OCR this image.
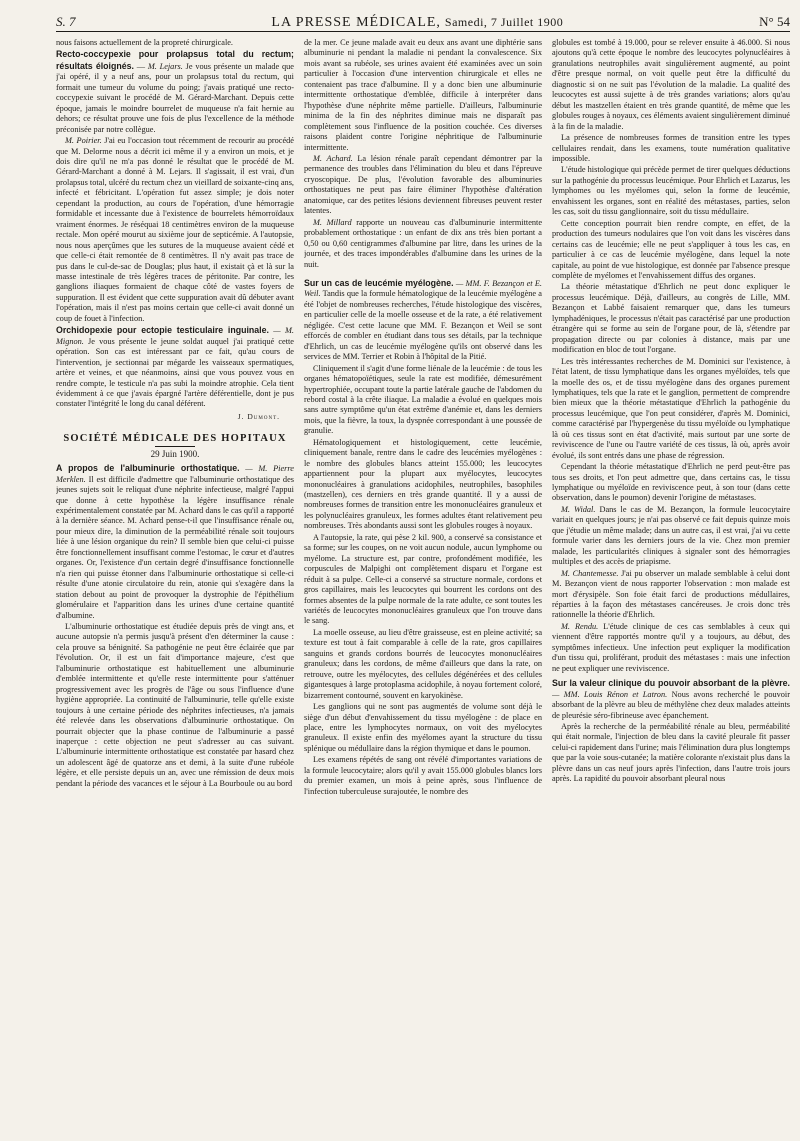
S. 7	LA PRESSE MÉDICALE, Samedi, 7 Juillet 1900	N° 54

nous faisons actuellement de la propreté chirurgicale.

Recto-coccypexie pour prolapsus total du rectum; résultats éloignés. — M. Lejars. Je vous présente un malade que j'ai opéré, il y a neuf ans, pour un prolapsus total du rectum, qui formait une tumeur du volume du poing; j'avais pratiqué une recto-coccypexie suivant le procédé de M. Gérard-Marchant. Depuis cette époque, jamais le moindre bourrelet de muqueuse n'a fait hernie au dehors; ce résultat prouve une fois de plus l'excellence de la méthode préconisée par notre collègue.

M. Poirier. J'ai eu l'occasion tout récemment de recourir au procédé que M. Delorme nous a décrit ici même il y a environ un mois, et je dois dire qu'il ne m'a pas donné le résultat que le procédé de M. Gérard-Marchant a donné à M. Lejars. Il s'agissait, il est vrai, d'un prolapsus total, ulcéré du rectum chez un vieillard de soixante-cinq ans, infecté et fébricitant. L'opération fut assez simple; je dois noter cependant la production, au cours de l'opération, d'une hémorragie formidable et incessante due à l'existence de bourrelets hémorroïdaux vraiment énormes. Je réséquai 18 centimètres environ de la muqueuse rectale. Mon opéré mourut au sixième jour de septicémie. A l'autopsie, nous nous aperçûmes que les sutures de la muqueuse avaient cédé et que celle-ci était remontée de 8 centimètres. Il n'y avait pas trace de pus dans le cul-de-sac de Douglas; plus haut, il existait çà et là sur la masse intestinale de très légères traces de péritonite. Par contre, les ganglions iliaques formaient de chaque côté de vastes foyers de suppuration. Il est évident que cette suppuration avait dû débuter avant l'opération, mais il n'est pas moins certain que celle-ci avait donné un coup de fouet à l'infection.

Orchidopexie pour ectopie testiculaire inguinale. — M. Mignon. Je vous présente le jeune soldat auquel j'ai pratiqué cette opération. Son cas est intéressant par ce fait, qu'au cours de l'intervention, je sectionnai par mégarde les vaisseaux spermatiques, artère et veines, et que néanmoins, ainsi que vous pouvez vous en rendre compte, le testicule n'a pas subi la moindre atrophie. Cela tient évidemment à ce que j'avais épargné l'artère déférentielle, dont je pus constater l'intégrité le long du canal déférent.

J. Dumont.
SOCIÉTÉ MÉDICALE DES HOPITAUX
29 Juin 1900.

A propos de l'albuminurie orthostatique. — M. Pierre Merklen. Il est difficile d'admettre que l'albuminurie orthostatique des jeunes sujets soit le reliquat d'une néphrite infectieuse, malgré l'appui que donne à cette hypothèse la légère insuffisance rénale expérimentalement constatée par M. Achard dans le cas qu'il a rapporté à la dernière séance. M. Achard pense-t-il que l'insuffisance rénale ou, pour mieux dire, la diminution de la perméabilité rénale soit toujours liée à une lésion organique du rein? Il semble bien que celui-ci puisse être fonctionnellement insuffisant comme l'estomac, le cœur et d'autres organes. Or, l'existence d'un certain degré d'insuffisance fonctionnelle n'a rien qui puisse étonner dans l'albuminurie orthostatique si celle-ci résulte d'une atonie circulatoire du rein, atonie qui s'exagère dans la station debout au point de provoquer la dystrophie de l'épithélium glomérulaire et l'apparition dans les urines d'une certaine quantité d'albumine.

L'albuminurie orthostatique est étudiée depuis près de vingt ans, et aucune autopsie n'a permis jusqu'à présent d'en déterminer la cause : cela prouve sa bénignité. Sa pathogénie ne peut être éclairée que par l'évolution. Or, il est un fait d'importance majeure, c'est que l'albuminurie orthostatique est habituellement une albuminurie d'emblée intermittente et qu'elle reste intermittente pour s'atténuer progressivement avec les progrès de l'âge ou sous l'influence d'une hygiène appropriée. La continuité de l'albuminurie, telle qu'elle existe toujours à une certaine période des néphrites infectieuses, n'a jamais été relevée dans les observations d'albuminurie orthostatique. On pourrait objecter que la phase continue de l'albuminurie a passé inaperçue : cette objection ne peut s'adresser au cas suivant. L'albuminurie intermittente orthostatique est constatée par hasard chez un adolescent âgé de quatorze ans et demi, à la suite d'une rubéole légère, et elle persiste depuis un an, avec une rémission de deux mois pendant la période des vacances et le séjour à La Bourboule ou au bord

de la mer. Ce jeune malade avait eu deux ans avant une diphtérie sans albuminurie ni pendant la maladie ni pendant la convalescence. Six mois avant sa rubéole, ses urines avaient été examinées avec un soin particulier à l'occasion d'une intervention chirurgicale et elles ne contenaient pas trace d'albumine. Il y a donc bien une albuminurie intermittente orthostatique d'emblée, difficile à interpréter dans l'hypothèse d'une néphrite même partielle. D'ailleurs, l'albuminurie minima de la fin des néphrites diminue mais ne disparaît pas complètement sous l'influence de la position couchée. Ces diverses raisons plaident contre l'origine néphritique de l'albuminurie intermittente.

M. Achard. La lésion rénale paraît cependant démontrer par la permanence des troubles dans l'élimination du bleu et dans l'épreuve cryoscopique. De plus, l'évolution favorable des albuminuries orthostatiques ne peut pas faire éliminer l'hypothèse d'altération anatomique, car des petites lésions deviennent fibreuses peuvent rester latentes.

M. Millard rapporte un nouveau cas d'albuminurie intermittente probablement orthostatique : un enfant de dix ans très bien portant a 0,50 ou 0,60 centigrammes d'albumine par litre, dans les urines de la journée, et des traces impondérables d'albumine dans les urines de la nuit.

Sur un cas de leucémie myélogène. — MM. F. Bezançon et E. Weil. Tandis que la formule hématologique de la leucémie myélogène a été l'objet de nombreuses recherches, l'étude histologique des viscères, en particulier celle de la moelle osseuse et de la rate, a été relativement négligée. C'est cette lacune que MM. F. Bezançon et Weil se sont efforcés de combler en étudiant dans tous ses détails, par la technique d'Ehrlich, un cas de leucémie myélogène qu'ils ont observé dans les services de MM. Terrier et Robin à l'hôpital de la Pitié.

Cliniquement il s'agit d'une forme liénale de la leucémie : de tous les organes hématopoïétiques, seule la rate est modifiée, démesurément hypertrophiée, occupant toute la partie latérale gauche de l'abdomen du rebord costal à la crête iliaque. La maladie a évolué en quelques mois sans autre symptôme qu'un état extrême d'anémie et, dans les derniers mois, que la fièvre, la toux, la dyspnée correspondant à une poussée de granulie.

Hématologiquement et histologiquement, cette leucémie, cliniquement banale, rentre dans le cadre des leucémies myélogènes : le nombre des globules blancs atteint 155.000; les leucocytes appartiennent pour la plupart aux myélocytes, leucocytes mononucléaires à granulations acidophiles, neutrophiles, basophiles (mastzellen), ces derniers en très grande quantité. Il y a aussi de nombreuses formes de transition entre les mononucléaires granuleux et les polynucléaires granuleux, les formes adultes étant relativement peu nombreuses. Très abondants aussi sont les globules rouges à noyaux.

A l'autopsie, la rate, qui pèse 2 kil. 900, a conservé sa consistance et sa forme; sur les coupes, on ne voit aucun nodule, aucun lymphome ou myélome. La structure est, par contre, profondément modifiée, les corpuscules de Malpighi ont complètement disparu et l'organe est réduit à sa pulpe. Celle-ci a conservé sa structure normale, cordons et gros capillaires, mais les leucocytes qui bourrent les cordons ont des formes absentes de la pulpe normale de la rate adulte, ce sont toutes les variétés de leucocytes mononucléaires granuleux que l'on trouve dans le sang.

La moelle osseuse, au lieu d'être graisseuse, est en pleine activité; sa texture est tout à fait comparable à celle de la rate, gros capillaires sanguins et grands cordons bourrés de leucocytes mononucléaires granuleux; dans les cordons, de même d'ailleurs que dans la rate, on retrouve, outre les myélocytes, des cellules dégénérées et des cellules gigantesques à large protoplasma acidophile, à noyau fortement coloré, bizarrement contourné, souvent en karyokinèse.

Les ganglions qui ne sont pas augmentés de volume sont déjà le siège d'un début d'envahissement du tissu myélogène : de place en place, entre les lymphocytes normaux, on voit des myélocytes granuleux. Il existe enfin des myélomes ayant la structure du tissu splénique ou médullaire dans la région thymique et dans le poumon.

Les examens répétés de sang ont révélé d'importantes variations de la formule leucocytaire; alors qu'il y avait 155.000 globules blancs lors du premier examen, un mois à peine après, sous l'influence de l'infection tuberculeuse surajoutée, le nombre des

globules est tombé à 19.000, pour se relever ensuite à 46.000. Si nous ajoutons qu'à cette époque le nombre des leucocytes polynucléaires à granulations neutrophiles avait singulièrement augmenté, au point d'être presque normal, on voit quelle peut être la difficulté du diagnostic si on ne suit pas l'évolution de la maladie. La qualité des leucocytes est aussi sujette à de très grandes variations; alors qu'au début les mastzellen étaient en très grande quantité, de même que les globules rouges à noyaux, ces éléments avaient singulièrement diminué à la fin de la maladie.

La présence de nombreuses formes de transition entre les types cellulaires rendait, dans les examens, toute numération qualitative impossible.

L'étude histologique qui précède permet de tirer quelques déductions sur la pathogénie du processus leucémique. Pour Ehrlich et Lazarus, les lymphomes ou les myélomes qui, selon la forme de leucémie, envahissent les organes, sont en réalité des métastases, parties, selon les cas, soit du tissu ganglionnaire, soit du tissu médullaire.

Cette conception pourrait bien rendre compte, en effet, de la production des tumeurs nodulaires que l'on voit dans les viscères dans certains cas de leucémie; elle ne peut s'appliquer à tous les cas, en particulier à ce cas de leucémie myélogène, dans lequel la note capitale, au point de vue histologique, est donnée par l'absence presque complète de myélomes et l'envahissement diffus des organes.

La théorie métastatique d'Ehrlich ne peut donc expliquer le processus leucémique. Déjà, d'ailleurs, au congrès de Lille, MM. Bezançon et Labbé faisaient remarquer que, dans les tumeurs lymphadéniques, le processus n'était pas caractérisé par une production étrangère qui se forme au sein de l'organe pour, de là, s'étendre par propagation directe ou par colonies à distance, mais par une modification en bloc de tout l'organe.

Les très intéressantes recherches de M. Dominici sur l'existence, à l'état latent, de tissu lymphatique dans les organes myéloïdes, tels que la moelle des os, et de tissu myélogène dans des organes purement lymphatiques, tels que la rate et le ganglion, permettent de comprendre bien mieux que la théorie métastatique d'Ehrlich la pathogénie du processus leucémique, que l'on peut considérer, d'après M. Dominici, comme caractérisé par l'hypergenèse du tissu myéloïde ou lymphatique là où ces tissus sont en état d'activité, mais surtout par une sorte de reviviscence de l'une ou l'autre variété de ces tissus, là où, après avoir évolué, ils sont entrés dans une phase de régression.

Cependant la théorie métastatique d'Ehrlich ne perd peut-être pas tous ses droits, et l'on peut admettre que, dans certains cas, le tissu lymphatique ou myéloïde en reviviscence peut, à son tour (dans cette observation, dans le poumon) devenir l'origine de métastases.

M. Widal. Dans le cas de M. Bezançon, la formule leucocytaire variait en quelques jours; je n'ai pas observé ce fait depuis quinze mois que j'étudie un même malade; dans un autre cas, il est vrai, j'ai vu cette formule varier dans les derniers jours de la vie. Chez mon premier malade, les particularités cliniques à signaler sont des hémorragies multiples et des accès de priapisme.

M. Chantemesse. J'ai pu observer un malade semblable à celui dont M. Bezançon vient de nous rapporter l'observation : mon malade est mort d'érysipèle. Son foie était farci de productions médullaires, réparties à la façon des métastases cancéreuses. Je crois donc très rationnelle la théorie d'Ehrlich.

M. Rendu. L'étude clinique de ces cas semblables à ceux qui viennent d'être rapportés montre qu'il y a toujours, au début, des symptômes infectieux. Une infection peut expliquer la modification d'un tissu qui, proliférant, produit des métastases : mais une infection ne peut expliquer une reviviscence.

Sur la valeur clinique du pouvoir absorbant de la plèvre. — MM. Louis Rénon et Latron. Nous avons recherché le pouvoir absorbant de la plèvre au bleu de méthylène chez deux malades atteints de pleurésie séro-fibrineuse avec épanchement.

Après la recherche de la perméabilité rénale au bleu, perméabilité qui était normale, l'injection de bleu dans la cavité pleurale fit passer celui-ci rapidement dans l'urine; mais l'élimination dura plus longtemps que par la voie sous-cutanée; la matière colorante n'existait plus dans la plèvre dans un cas neuf jours après l'infection, dans l'autre trois jours après. La rapidité du pouvoir absorbant pleural nous
